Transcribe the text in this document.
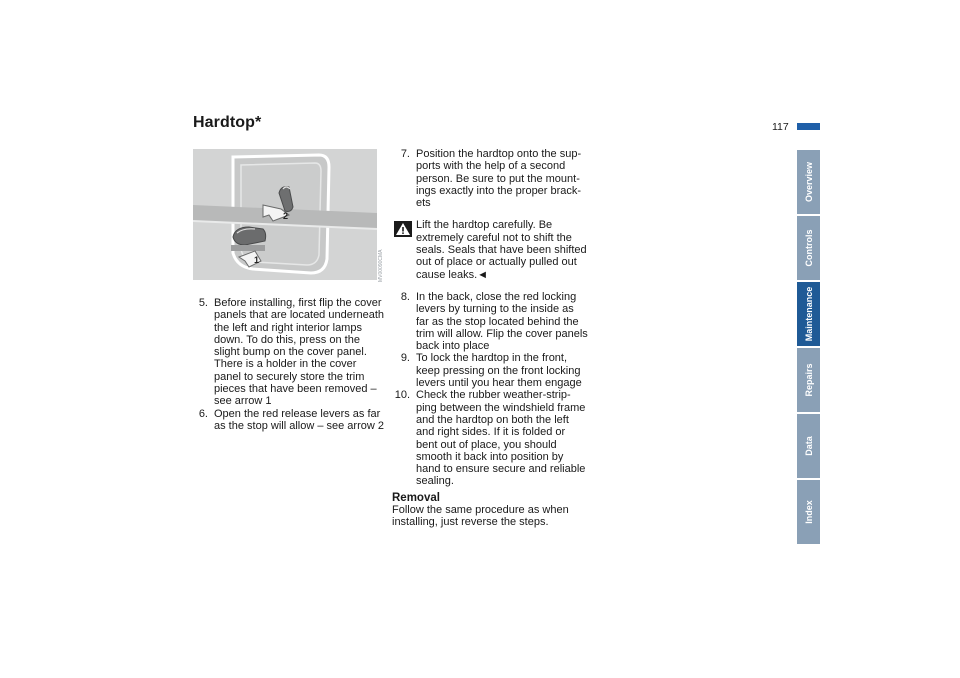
Hardtop*	117
Overview
Controls
Maintenance
Repairs
Data
Index
2
1	MV00090CMA
5. Before installing, first flip the cover panels that are located underneath the left and right interior lamps down. To do this, press on the slight bump on the cover panel. There is a holder in the cover panel to securely store the trim pieces that have been removed – see arrow 1
6. Open the red release levers as far as the stop will allow – see arrow 2
7. Position the hardtop onto the sup-ports with the help of a second person. Be sure to put the mount-ings exactly into the proper brack-ets
Lift the hardtop carefully. Be
extremely careful not to shift the seals. Seals that have been shifted out of place or actually pulled out cause leaks.◄
8. In the back, close the red locking levers by turning to the inside as far as the stop located behind the trim will allow. Flip the cover panels back into place
9. To lock the hardtop in the front, keep pressing on the front locking levers until you hear them engage
10. Check the rubber weather-strip-ping between the windshield frame and the hardtop on both the left and right sides. If it is folded or bent out of place, you should smooth it back into position by hand to ensure secure and reliable sealing.
Removal
Follow the same procedure as when installing, just reverse the steps.
